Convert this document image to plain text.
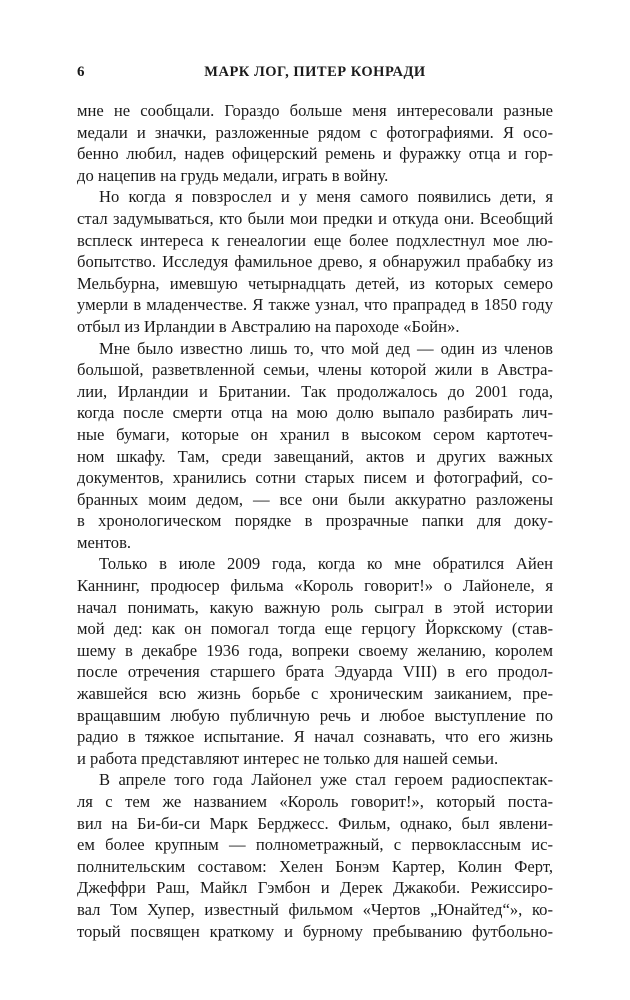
6	МАРК ЛОГ, ПИТЕР КОНРАДИ
мне не сообщали. Гораздо больше меня интересовали разные
медали и значки, разложенные рядом с фотографиями. Я осо-
бенно любил, надев офицерский ремень и фуражку отца и гор-
до нацепив на грудь медали, играть в войну.
Но когда я повзрослел и у меня самого появились дети, я
стал задумываться, кто были мои предки и откуда они. Всеобщий
всплеск интереса к генеалогии еще более подхлестнул мое лю-
бопытство. Исследуя фамильное древо, я обнаружил прабабку из
Мельбурна, имевшую четырнадцать детей, из которых семеро
умерли в младенчестве. Я также узнал, что прапрадед в 1850 году
отбыл из Ирландии в Австралию на пароходе «Бойн».
Мне было известно лишь то, что мой дед — один из членов
большой, разветвленной семьи, члены которой жили в Австра-
лии, Ирландии и Британии. Так продолжалось до 2001 года,
когда после смерти отца на мою долю выпало разбирать лич-
ные бумаги, которые он хранил в высоком сером картотеч-
ном шкафу. Там, среди завещаний, актов и других важных
документов, хранились сотни старых писем и фотографий, со-
бранных моим дедом, — все они были аккуратно разложены
в хронологическом порядке в прозрачные папки для доку-
ментов.
Только в июле 2009 года, когда ко мне обратился Айен
Каннинг, продюсер фильма «Король говорит!» о Лайонеле, я
начал понимать, какую важную роль сыграл в этой истории
мой дед: как он помогал тогда еще герцогу Йоркскому (став-
шему в декабре 1936 года, вопреки своему желанию, королем
после отречения старшего брата Эдуарда VIII) в его продол-
жавшейся всю жизнь борьбе с хроническим заиканием, пре-
вращавшим любую публичную речь и любое выступление по
радио в тяжкое испытание. Я начал сознавать, что его жизнь
и работа представляют интерес не только для нашей семьи.
В апреле того года Лайонел уже стал героем радиоспектак-
ля с тем же названием «Король говорит!», который поста-
вил на Би-би-си Марк Берджесс. Фильм, однако, был явлени-
ем более крупным — полнометражный, с первоклассным ис-
полнительским составом: Хелен Бонэм Картер, Колин Ферт,
Джеффри Раш, Майкл Гэмбон и Дерек Джакоби. Режиссиро-
вал Том Хупер, известный фильмом «Чертов „Юнайтед“», ко-
торый посвящен краткому и бурному пребыванию футбольно-
